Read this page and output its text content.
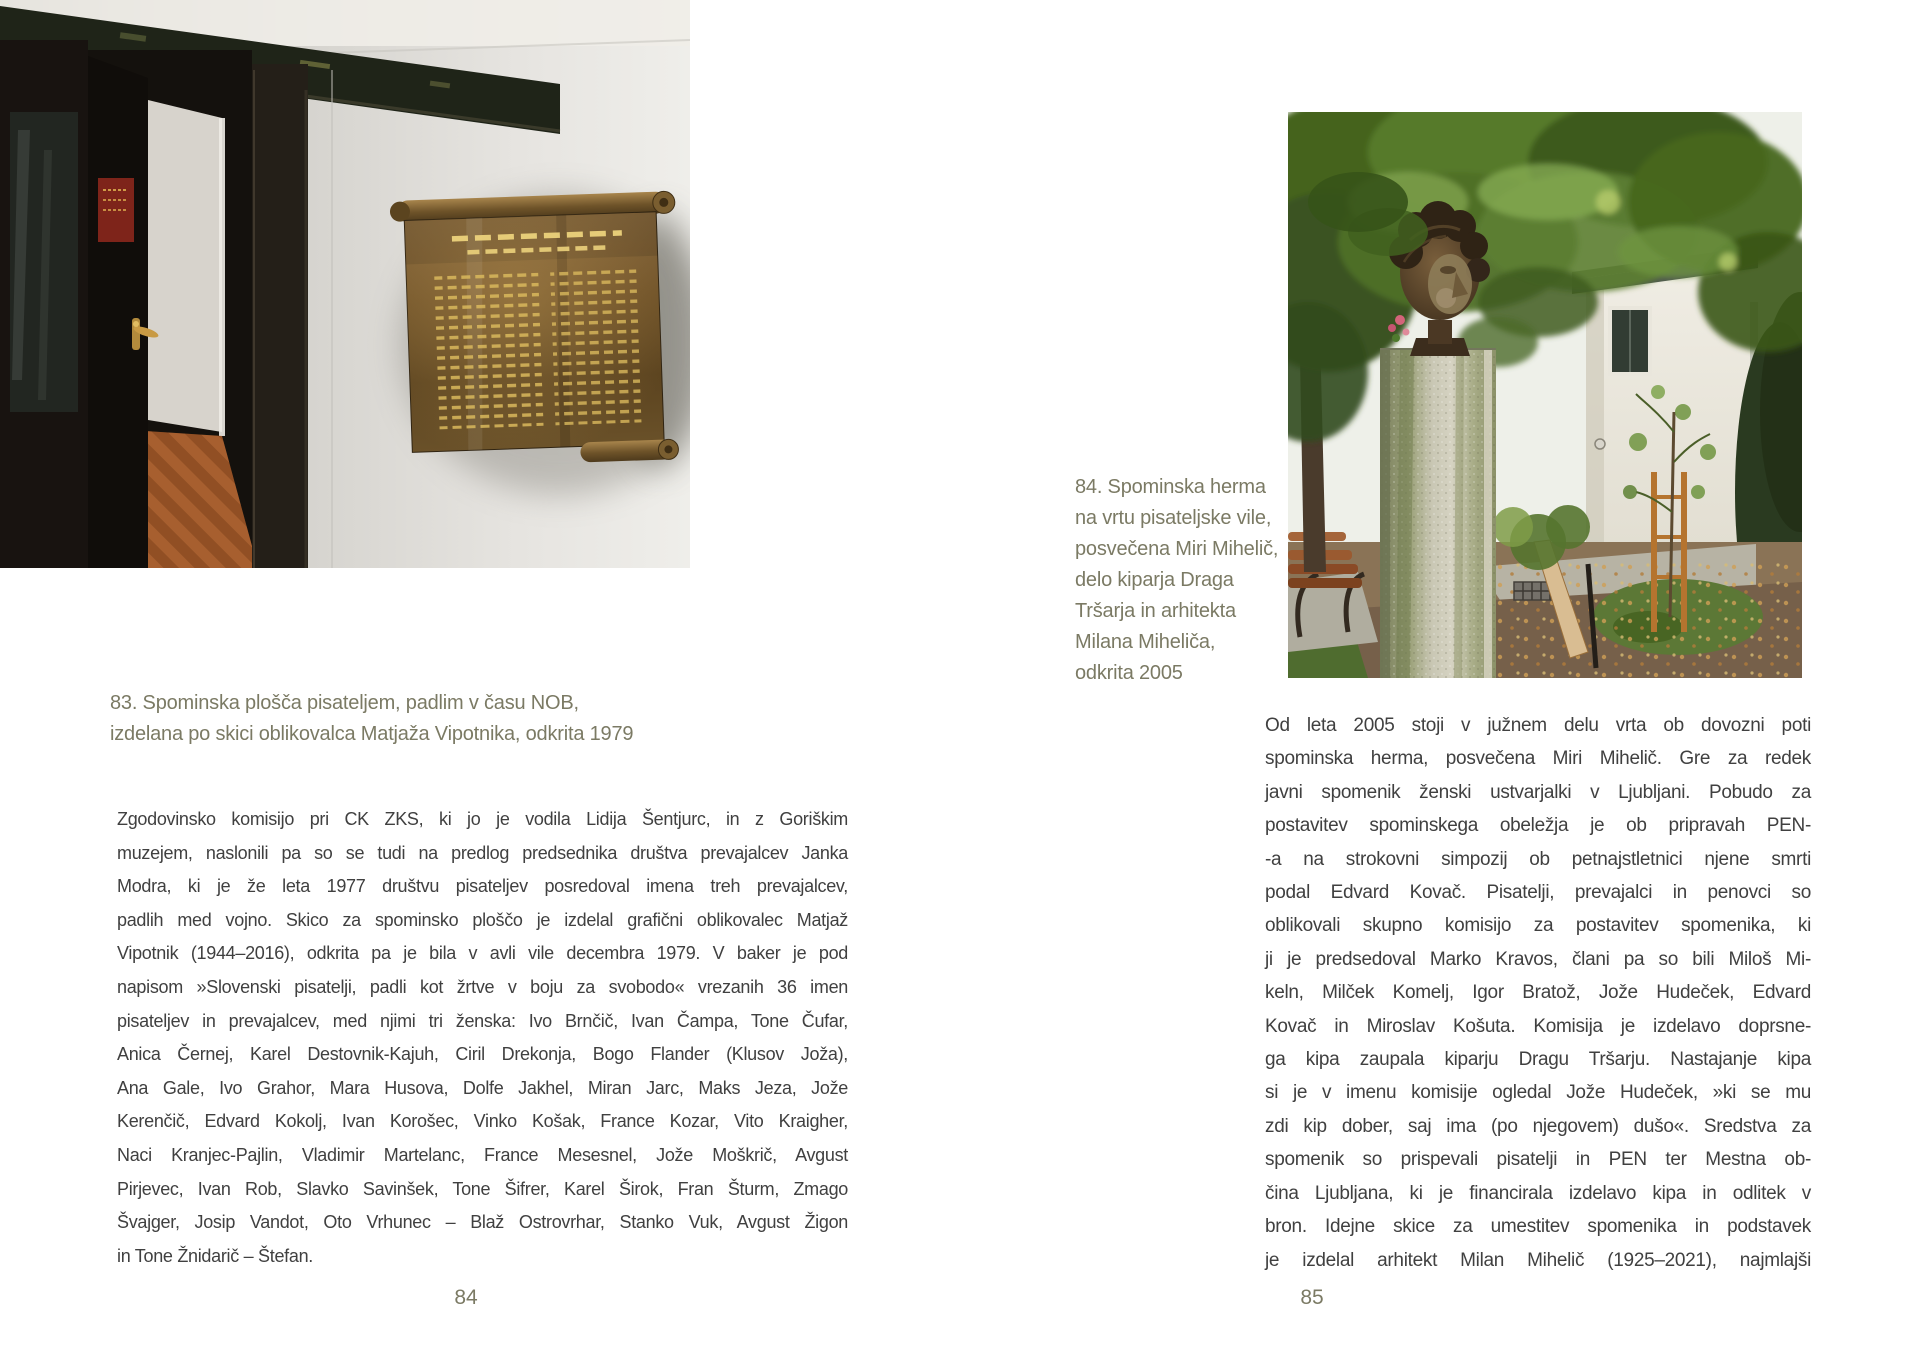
83. Spominska plošča pisateljem, padlim v času NOB,
izdelana po skici oblikovalca Matjaža Vipotnika, odkrita 1979
Zgodovinsko komisijo pri CK ZKS, ki jo je vodila Lidija Šentjurc, in z Goriškim
muzejem, naslonili pa so se tudi na predlog predsednika društva prevajalcev Janka
Modra, ki je že leta 1977 društvu pisateljev posredoval imena treh prevajalcev,
padlih med vojno. Skico za spominsko ploščo je izdelal grafični oblikovalec Matjaž
Vipotnik (1944–2016), odkrita pa je bila v avli vile decembra 1979. V baker je pod
napisom »Slovenski pisatelji, padli kot žrtve v boju za svobodo« vrezanih 36 imen
pisateljev in prevajalcev, med njimi tri ženska: Ivo Brnčič, Ivan Čampa, Tone Čufar,
Anica Černej, Karel Destovnik-Kajuh, Ciril Drekonja, Bogo Flander (Klusov Joža),
Ana Gale, Ivo Grahor, Mara Husova, Dolfe Jakhel, Miran Jarc, Maks Jeza, Jože
Kerenčič, Edvard Kokolj, Ivan Korošec, Vinko Košak, France Kozar, Vito Kraigher,
Naci Kranjec-Pajlin, Vladimir Martelanc, France Mesesnel, Jože Moškrič, Avgust
Pirjevec, Ivan Rob, Slavko Savinšek, Tone Šifrer, Karel Širok, Fran Šturm, Zmago
Švajger, Josip Vandot, Oto Vrhunec – Blaž Ostrovrhar, Stanko Vuk, Avgust Žigon
in Tone Žnidarič – Štefan.
84
84. Spominska herma
na vrtu pisateljske vile,
posvečena Miri Mihelič,
delo kiparja Draga
Tršarja in arhitekta
Milana Miheliča,
odkrita 2005
Od leta 2005 stoji v južnem delu vrta ob dovozni poti
spominska herma, posvečena Miri Mihelič. Gre za redek
javni spomenik ženski ustvarjalki v Ljubljani. Pobudo za
postavitev spominskega obeležja je ob pripravah PEN-
-a na strokovni simpozij ob petnajstletnici njene smrti
podal Edvard Kovač. Pisatelji, prevajalci in penovci so
oblikovali skupno komisijo za postavitev spomenika, ki
ji je predsedoval Marko Kravos, člani pa so bili Miloš Mi-
keln, Milček Komelj, Igor Bratož, Jože Hudeček, Edvard
Kovač in Miroslav Košuta. Komisija je izdelavo doprsne-
ga kipa zaupala kiparju Dragu Tršarju. Nastajanje kipa
si je v imenu komisije ogledal Jože Hudeček, »ki se mu
zdi kip dober, saj ima (po njegovem) dušo«. Sredstva za
spomenik so prispevali pisatelji in PEN ter Mestna ob-
čina Ljubljana, ki je financirala izdelavo kipa in odlitek v
bron. Idejne skice za umestitev spomenika in podstavek
je izdelal arhitekt Milan Mihelič (1925–2021), najmlajši
85
